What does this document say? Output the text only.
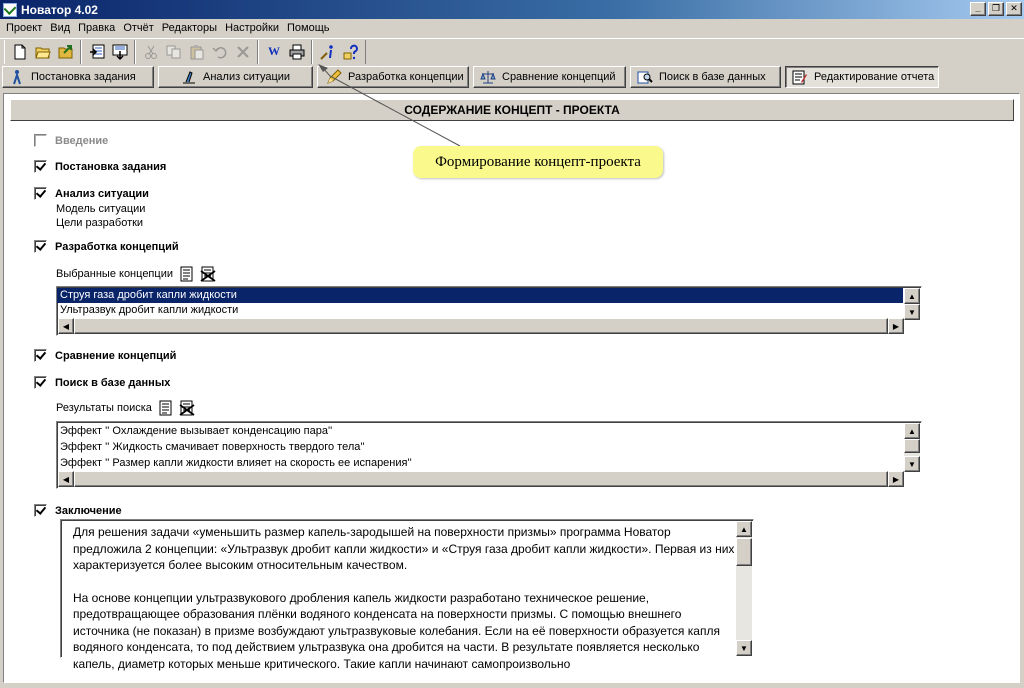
Новатор 4.02	_	❐	✕
Проект Вид Правка Отчёт Редакторы Настройки Помощь
W
Постановка задания	Анализ ситуации	Разработка концепции	Сравнение концепций	Поиск в базе данных	Редактирование отчета
СОДЕРЖАНИЕ КОНЦЕПТ - ПРОЕКТА
Введение
Постановка задания
Анализ ситуации
Модель ситуации
Цели разработки
Разработка концепций
Выбранные концепции
Струя газа дробит капли жидкости
Ультразвук дробит капли жидкости
▲
▼
◀	▶
Сравнение концепций
Поиск в базе данных
Результаты поиска
Эффект '' Охлаждение вызывает конденсацию пара''
Эффект '' Жидкость смачивает поверхность твердого тела''
Эффект '' Размер капли жидкости влияет на скорость ее испарения''
▲
▼
◀	▶
Заключение

Для решения задачи «уменьшить размер капель-зародышей на поверхности призмы» программа Новатор предложила 2 концепции: «Ультразвук дробит капли жидкости» и «Струя газа дробит капли жидкости». Первая из них характеризуется более высоким относительным качеством.

На основе концепции ультразвукового дробления капель жидкости разработано техническое решение, предотвращающее образования плёнки водяного конденсата на поверхности призмы. С помощью внешнего источника (не показан) в призме возбуждают ультразвуковые колебания. Если на её поверхности образуется капля водяного конденсата, то под действием ультразвука она дробится на части. В результате появляется несколько капель, диаметр которых меньше критического. Такие капли начинают самопроизвольно

▲
▼
Формирование концепт-проекта
